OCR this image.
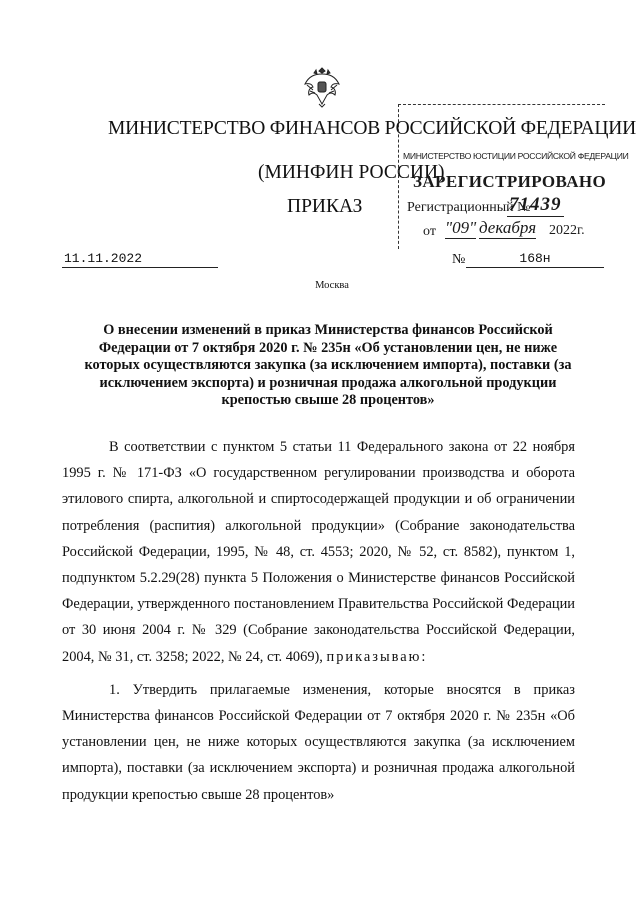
МИНИСТЕРСТВО ФИНАНСОВ РОССИЙСКОЙ ФЕДЕРАЦИИ
(МИНФИН РОССИИ)
ПРИКАЗ
МИНИСТЕРСТВО ЮСТИЦИИ РОССИЙСКОЙ ФЕДЕРАЦИИ
ЗАРЕГИСТРИРОВАНО
Регистрационный №
71439
от "09" декабря 2022г.
11.11.2022	№	168н
Москва
О внесении изменений в приказ Министерства финансов Российской Федерации от 7 октября 2020 г. № 235н «Об установлении цен, не ниже которых осуществляются закупка (за исключением импорта), поставки (за исключением экспорта) и розничная продажа алкогольной продукции крепостью свыше 28 процентов»

В соответствии с пунктом 5 статьи 11 Федерального закона от 22 ноября 1995 г. № 171-ФЗ «О государственном регулировании производства и оборота этилового спирта, алкогольной и спиртосодержащей продукции и об ограничении потребления (распития) алкогольной продукции» (Собрание законодательства Российской Федерации, 1995, № 48, ст. 4553; 2020, № 52, ст. 8582), пунктом 1, подпунктом 5.2.29(28) пункта 5 Положения о Министерстве финансов Российской Федерации, утвержденного постановлением Правительства Российской Федерации от 30 июня 2004 г. № 329 (Собрание законодательства Российской Федерации, 2004, № 31, ст. 3258; 2022, № 24, ст. 4069), приказываю:

1. Утвердить прилагаемые изменения, которые вносятся в приказ Министерства финансов Российской Федерации от 7 октября 2020 г. № 235н «Об установлении цен, не ниже которых осуществляются закупка (за исключением импорта), поставки (за исключением экспорта) и розничная продажа алкогольной продукции крепостью свыше 28 процентов»
